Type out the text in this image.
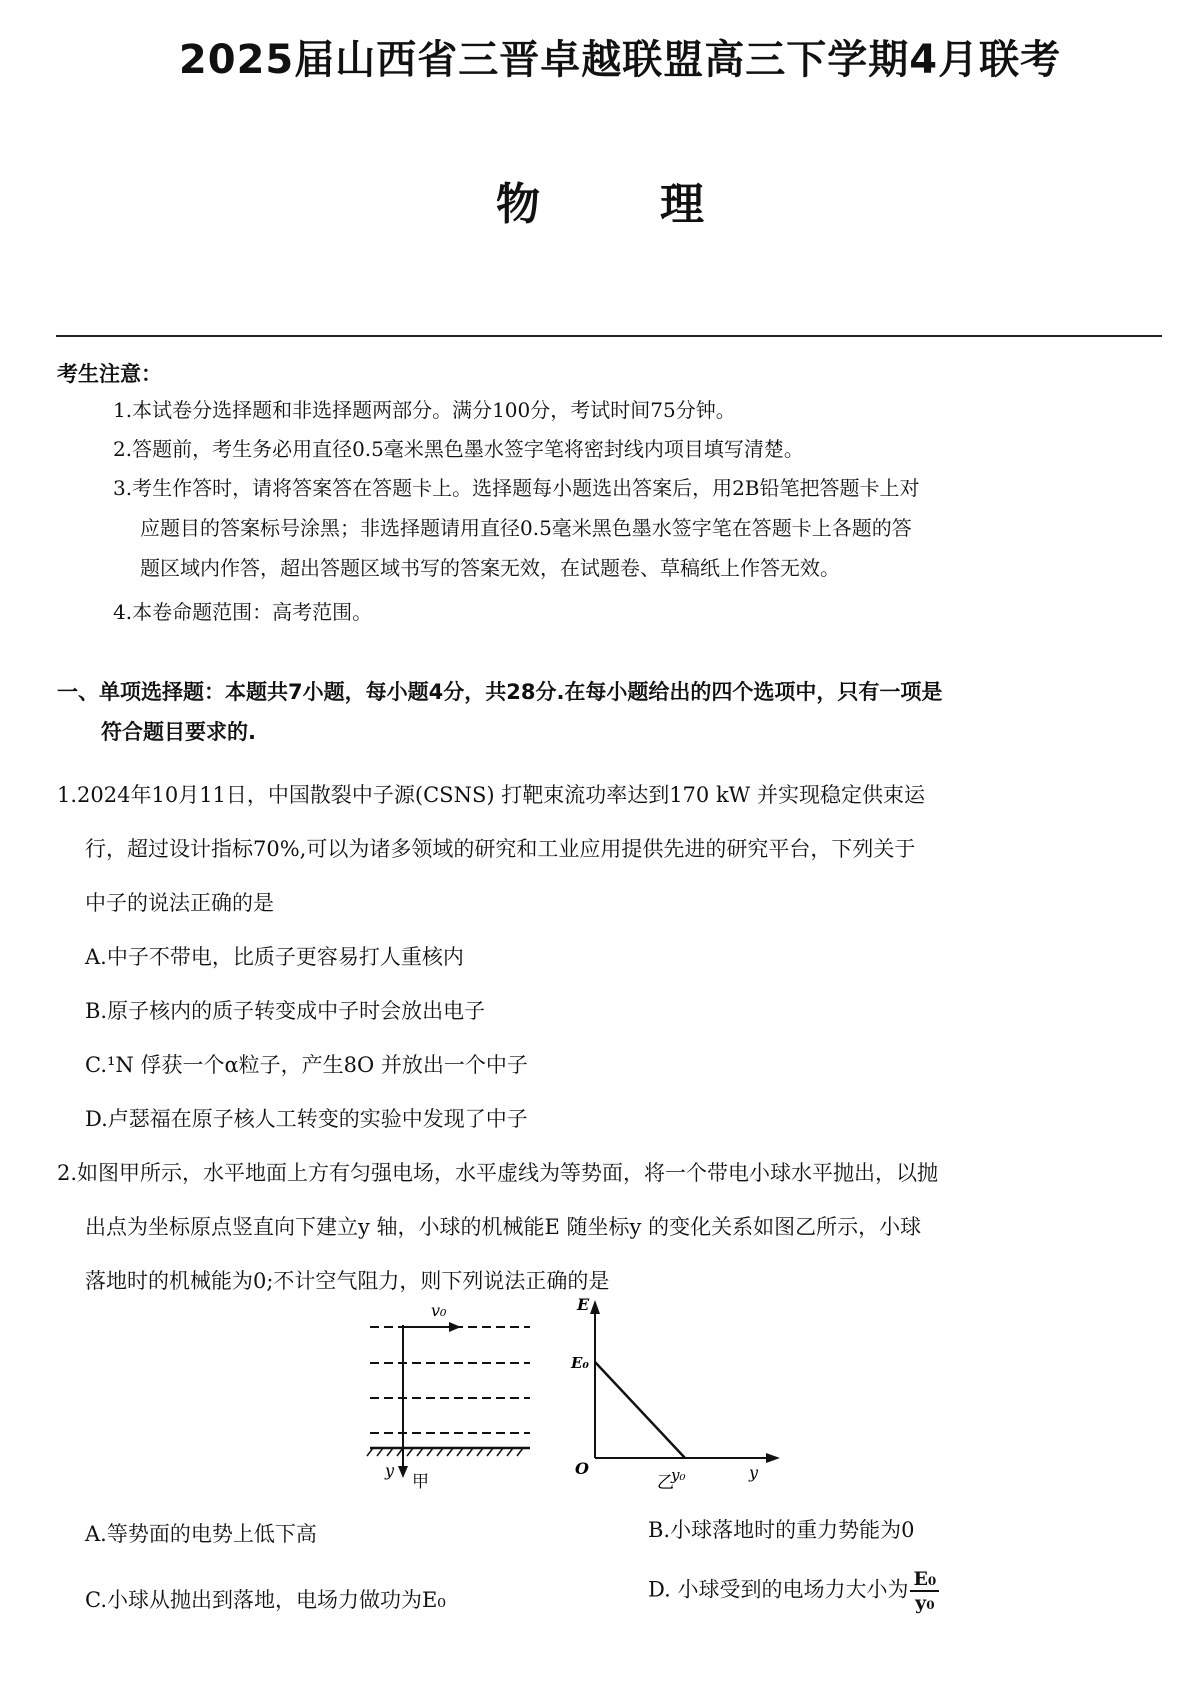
2025届山西省三晋卓越联盟高三下学期4月联考
物	理
考生注意：
1.本试卷分选择题和非选择题两部分。满分100分，考试时间75分钟。
2.答题前，考生务必用直径0.5毫米黑色墨水签字笔将密封线内项目填写清楚。
3.考生作答时，请将答案答在答题卡上。选择题每小题选出答案后，用2B铅笔把答题卡上对
应题目的答案标号涂黑；非选择题请用直径0.5毫米黑色墨水签字笔在答题卡上各题的答
题区域内作答，超出答题区域书写的答案无效，在试题卷、草稿纸上作答无效。
4.本卷命题范围：高考范围。
一、单项选择题：本题共7小题，每小题4分，共28分.在每小题给出的四个选项中，只有一项是
符合题目要求的.
1.2024年10月11日，中国散裂中子源(CSNS) 打靶束流功率达到170 kW 并实现稳定供束运
行，超过设计指标70%,可以为诸多领域的研究和工业应用提供先进的研究平台，下列关于
中子的说法正确的是
A.中子不带电，比质子更容易打人重核内
B.原子核内的质子转变成中子时会放出电子
C.¹N 俘获一个α粒子，产生8O 并放出一个中子
D.卢瑟福在原子核人工转变的实验中发现了中子
2.如图甲所示，水平地面上方有匀强电场，水平虚线为等势面，将一个带电小球水平抛出，以抛
出点为坐标原点竖直向下建立y 轴，小球的机械能E 随坐标y 的变化关系如图乙所示，小球
落地时的机械能为0;不计空气阻力，则下列说法正确的是
v₀
y
甲
E
E₀
O	y₀	y
乙
A.等势面的电势上低下高	B.小球落地时的重力势能为0
C.小球从抛出到落地，电场力做功为E₀	D. 小球受到的电场力大小为 $\frac{\text{E₀}}{\text{y₀}}$
